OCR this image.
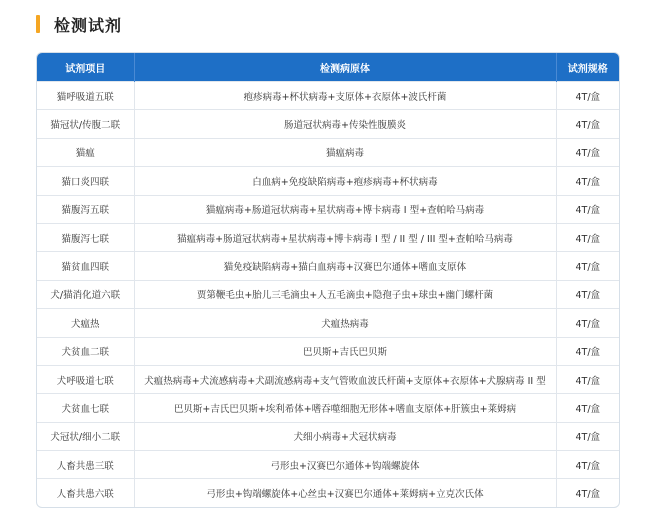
检测试剂
试剂项目	检测病原体	试剂规格
猫呼吸道五联	疱疹病毒+杯状病毒+支原体+衣原体+波氏杆菌	4T/盒
猫冠状/传腹二联	肠道冠状病毒+传染性腹膜炎	4T/盒
猫瘟	猫瘟病毒	4T/盒
猫口炎四联	白血病+免疫缺陷病毒+疱疹病毒+杯状病毒	4T/盒
猫腹泻五联	猫瘟病毒+肠道冠状病毒+星状病毒+博卡病毒 I 型+查帕哈马病毒	4T/盒
猫腹泻七联	猫瘟病毒+肠道冠状病毒+星状病毒+博卡病毒 I 型 / II 型 / III 型+查帕哈马病毒	4T/盒
猫贫血四联	猫免疫缺陷病毒+猫白血病毒+汉赛巴尔通体+嗜血支原体	4T/盒
犬/猫消化道六联	贾第鞭毛虫+胎儿三毛滴虫+人五毛滴虫+隐孢子虫+球虫+幽门螺杆菌	4T/盒
犬瘟热	犬瘟热病毒	4T/盒
犬贫血二联	巴贝斯+吉氏巴贝斯	4T/盒
犬呼吸道七联	犬瘟热病毒+犬流感病毒+犬副流感病毒+支气管败血波氏杆菌+支原体+衣原体+犬腺病毒 II 型	4T/盒
犬贫血七联	巴贝斯+吉氏巴贝斯+埃利希体+嗜吞噬细胞无形体+嗜血支原体+肝簇虫+莱姆病	4T/盒
犬冠状/细小二联	犬细小病毒+犬冠状病毒	4T/盒
人畜共患三联	弓形虫+汉赛巴尔通体+钩端螺旋体	4T/盒
人畜共患六联	弓形虫+钩端螺旋体+心丝虫+汉赛巴尔通体+莱姆病+立克次氏体	4T/盒
